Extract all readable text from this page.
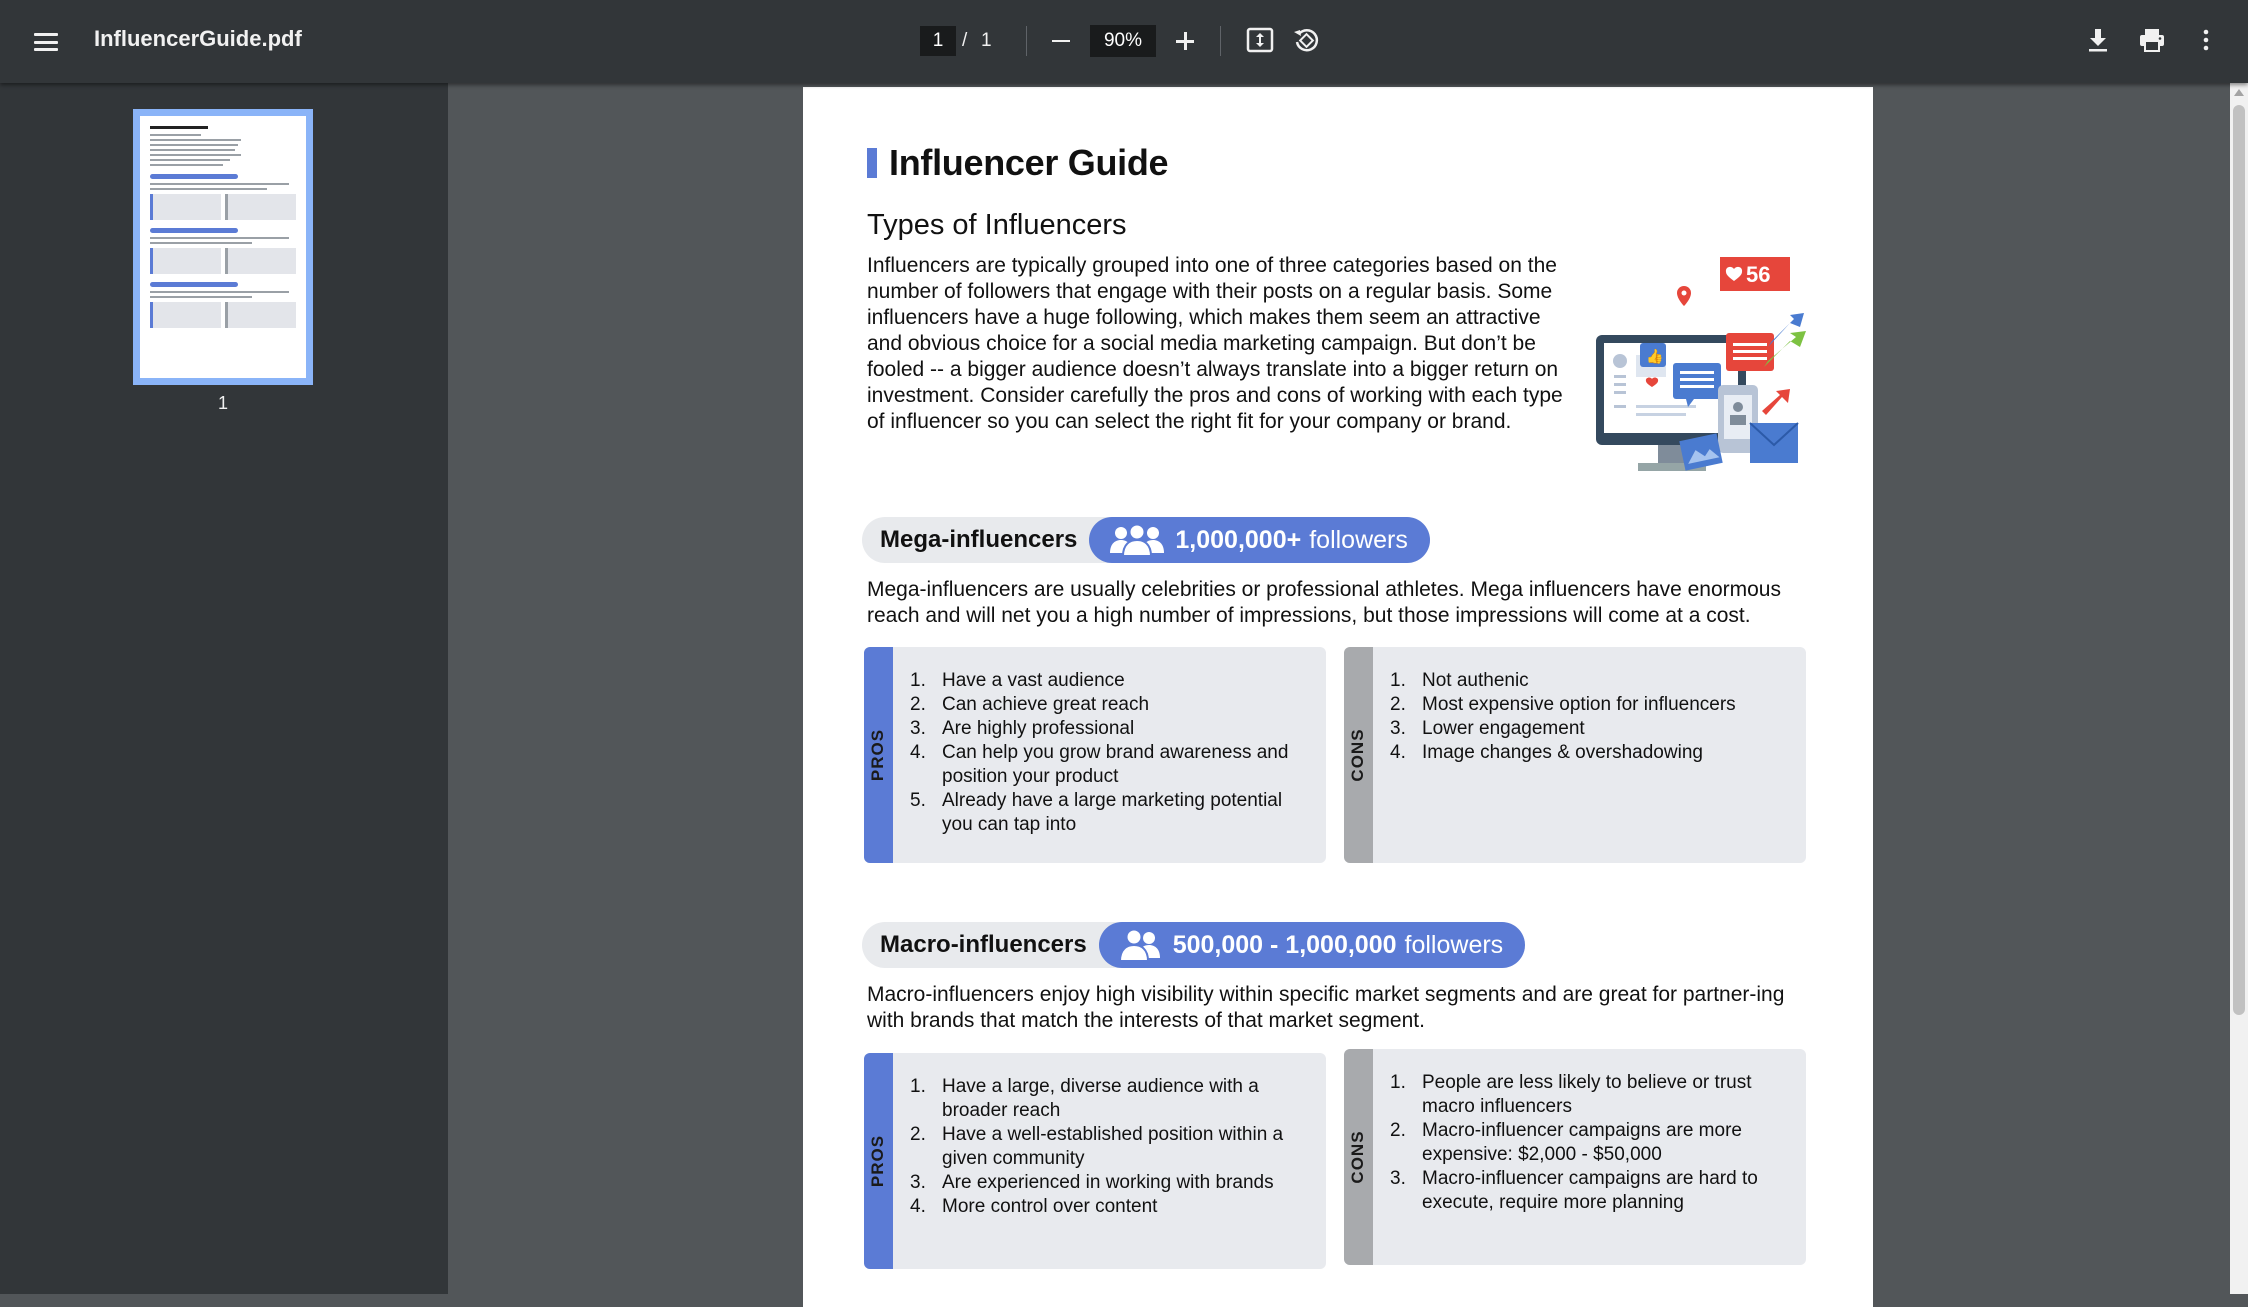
InfluencerGuide.pdf	1 / 1	90%
1
Influencer Guide
Types of Influencers
Influencers are typically grouped into one of three categories based on the number of followers that engage with their posts on a regular basis. Some influencers have a huge following, which makes them seem an attractive and obvious choice for a social media marketing campaign. But don’t be fooled -- a bigger audience doesn’t always translate into a bigger return on investment. Consider carefully the pros and cons of working with each type of influencer so you can select the right fit for your company or brand.
56
👍
Mega-influencers	1,000,000+ followers
Mega-influencers are usually celebrities or professional athletes. Mega influencers have enormous reach and will net you a high number of impressions, but those impressions will come at a cost.
PROS
1. Have a vast audience
2. Can achieve great reach
3. Are highly professional
4. Can help you grow brand awareness and position your product
5. Already have a large marketing potential you can tap into
CONS
1. Not authenic
2. Most expensive option for influencers
3. Lower engagement
4. Image changes & overshadowing
Macro-influencers	500,000 - 1,000,000 followers
Macro-influencers enjoy high visibility within specific market segments and are great for partner-ing with brands that match the interests of that market segment.
PROS
1. Have a large, diverse audience with a broader reach
2. Have a well-established position within a given community
3. Are experienced in working with brands
4. More control over content
CONS
1. People are less likely to believe or trust macro influencers
2. Macro-influencer campaigns are more expensive: $2,000 - $50,000
3. Macro-influencer campaigns are hard to execute, require more planning
